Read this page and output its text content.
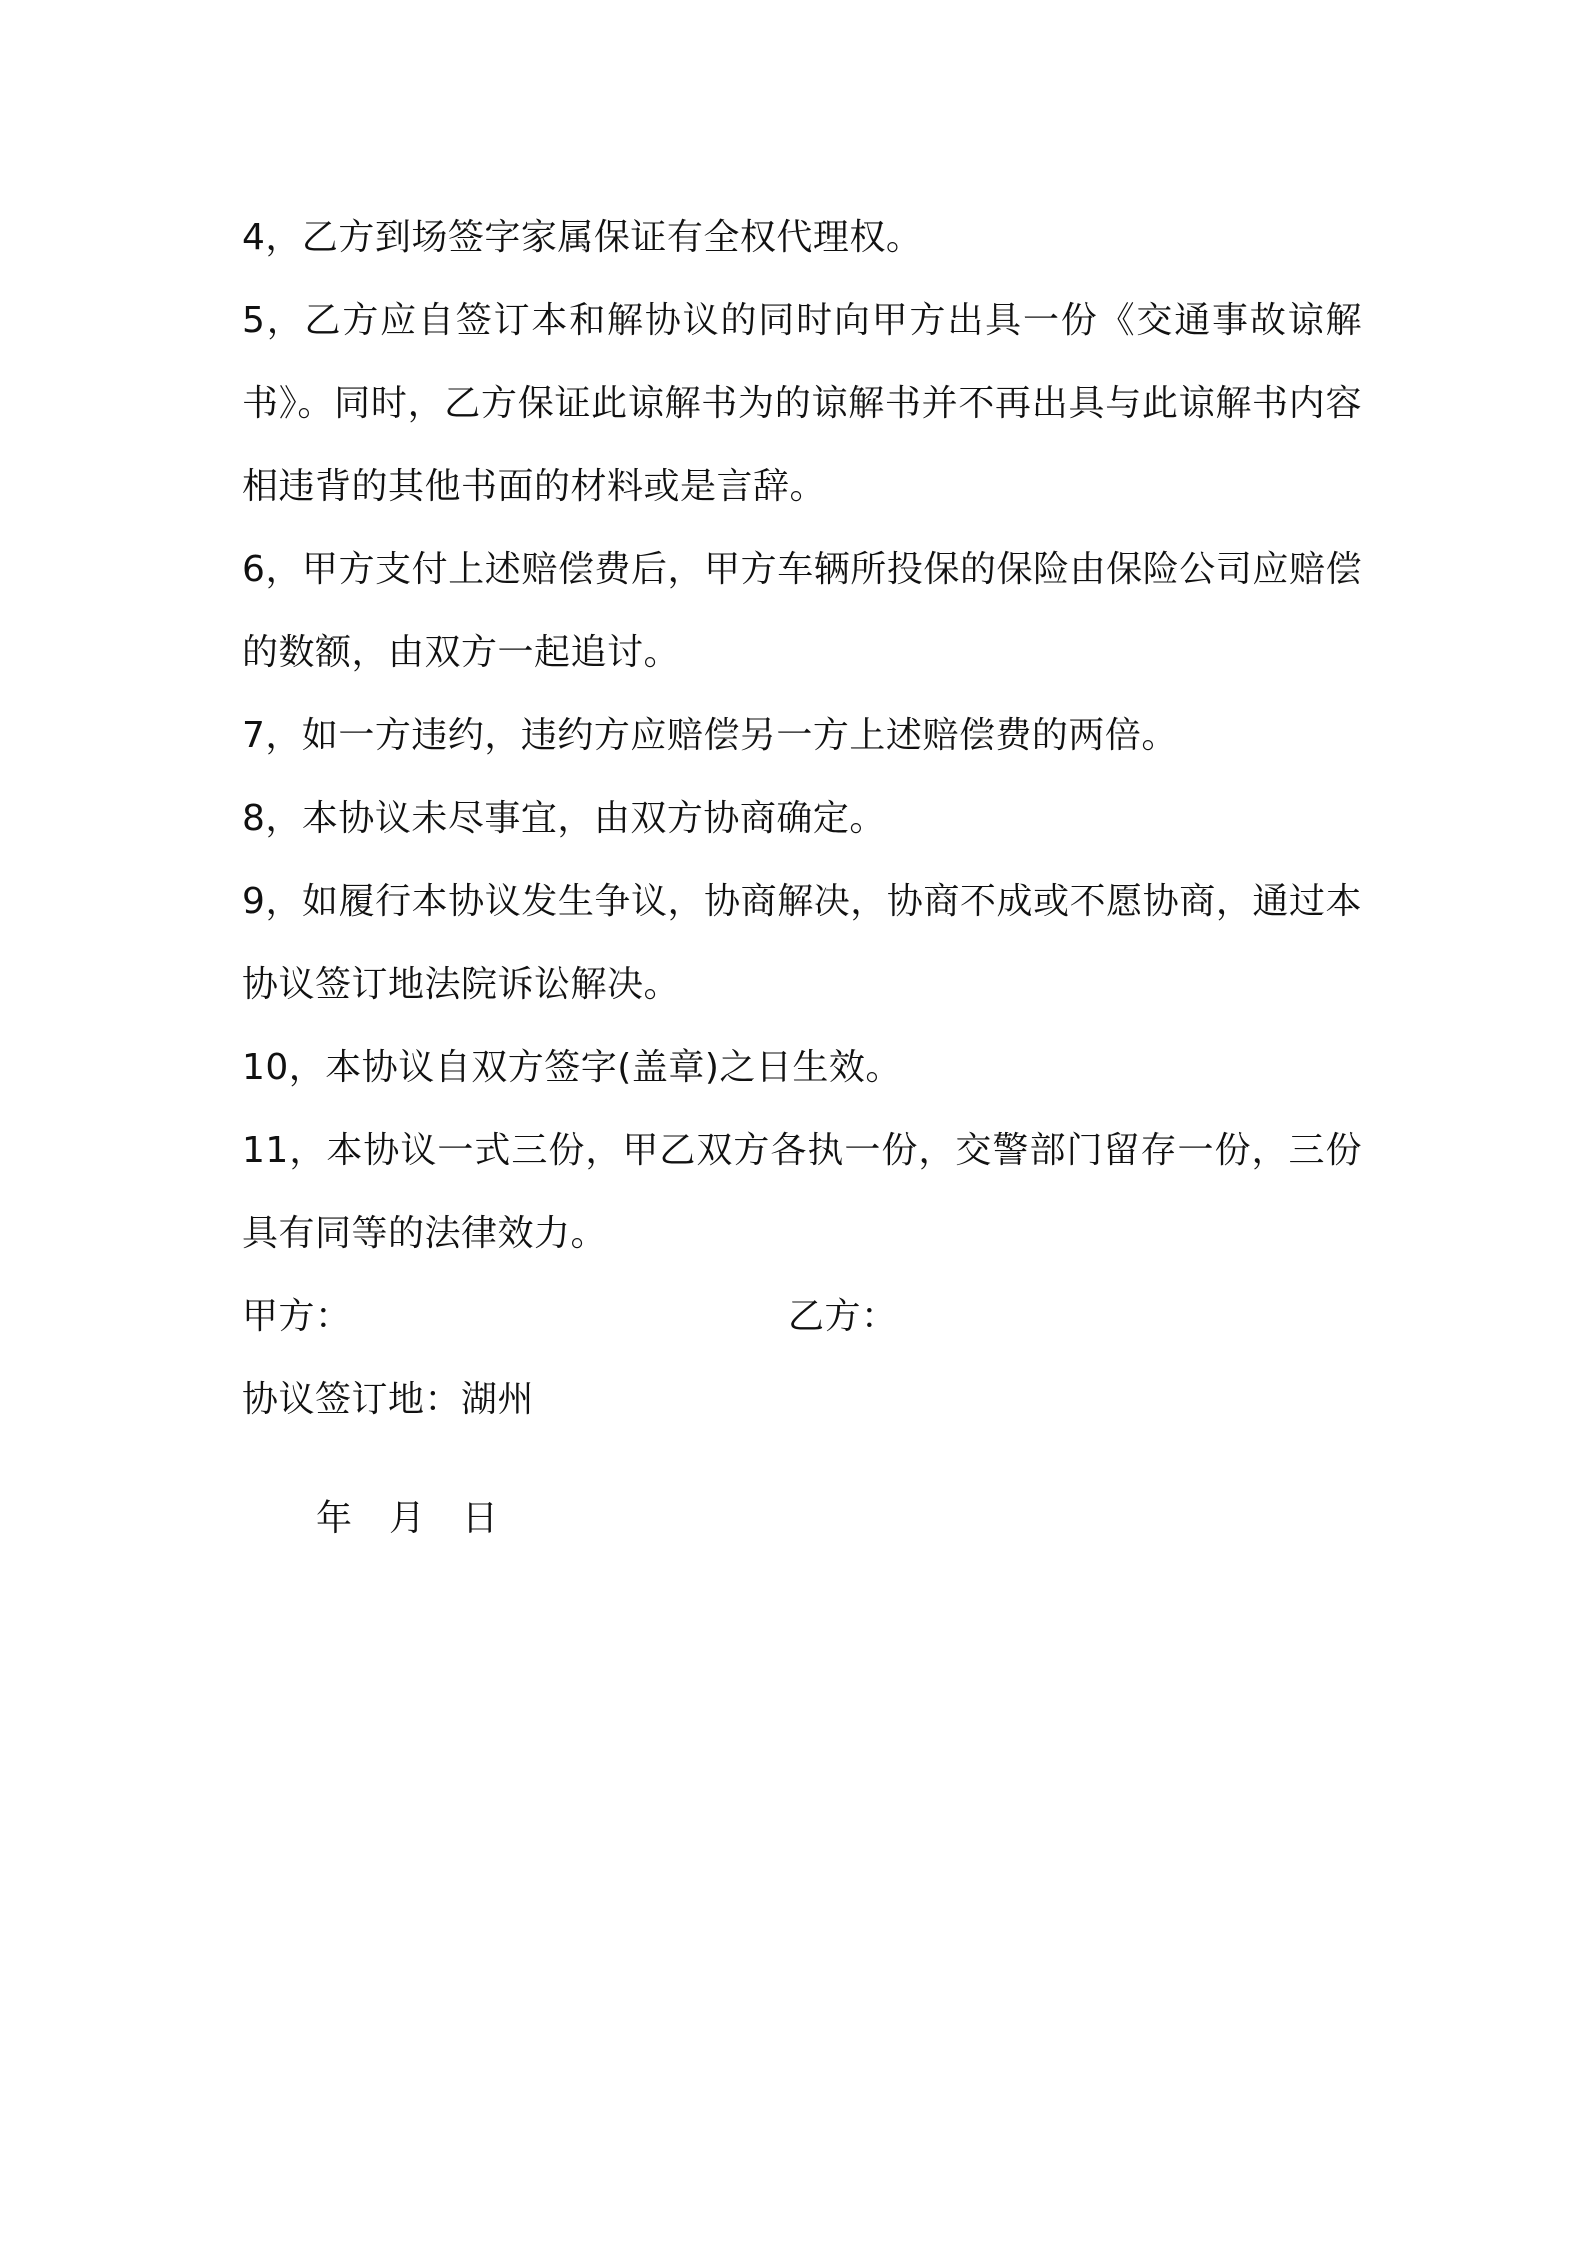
4，乙方到场签字家属保证有全权代理权。

5，乙方应自签订本和解协议的同时向甲方出具一份《交通事故谅解书》。同时，乙方保证此谅解书为的谅解书并不再出具与此谅解书内容相违背的其他书面的材料或是言辞。

6，甲方支付上述赔偿费后，甲方车辆所投保的保险由保险公司应赔偿的数额，由双方一起追讨。

7，如一方违约，违约方应赔偿另一方上述赔偿费的两倍。

8，本协议未尽事宜，由双方协商确定。

9，如履行本协议发生争议，协商解决，协商不成或不愿协商，通过本协议签订地法院诉讼解决。

10，本协议自双方签字(盖章)之日生效。

11，本协议一式三份，甲乙双方各执一份，交警部门留存一份，三份具有同等的法律效力。

甲方：	乙方：

协议签订地：湖州

年　月　日
